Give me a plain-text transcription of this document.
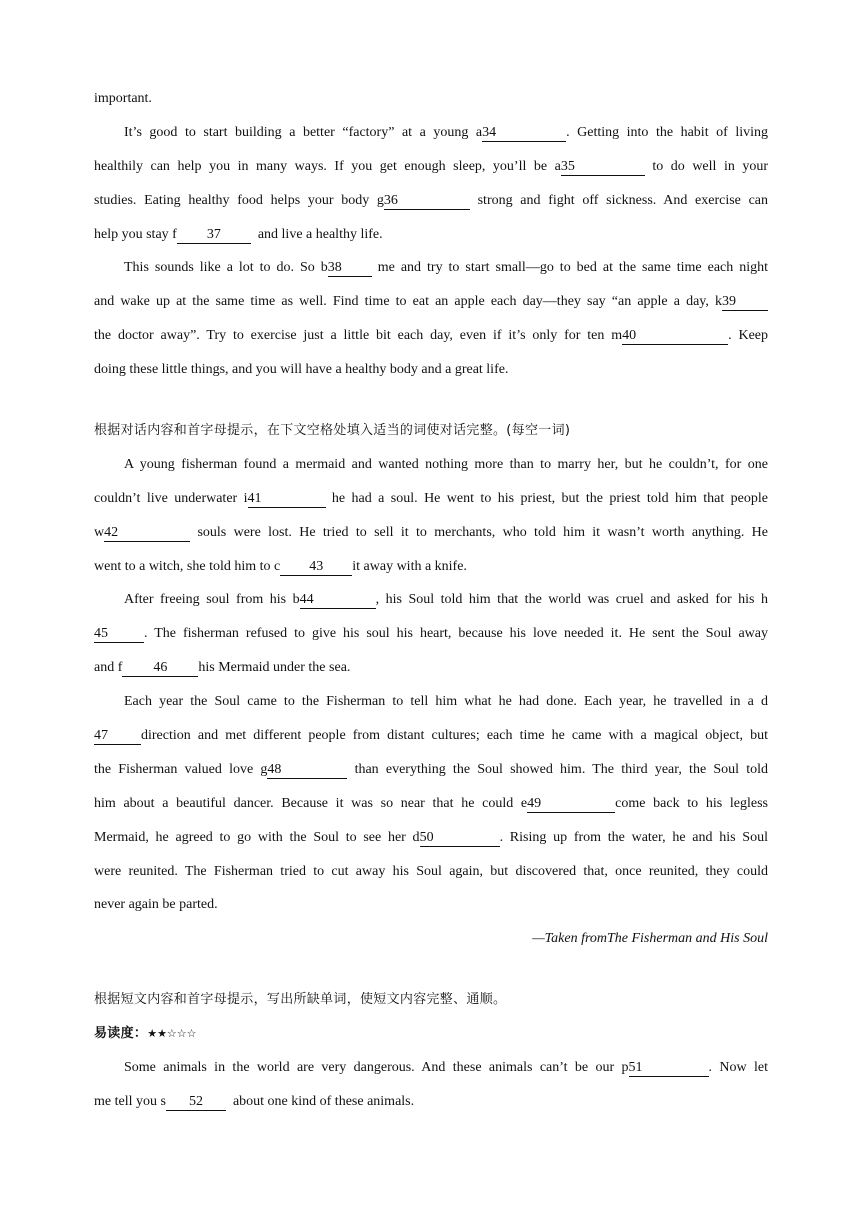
important.
It’s good to start building a better “factory” at a young a34	. Getting into the habit of living
healthily can help you in many ways. If you get enough sleep, you’ll be a35	to do well in your
studies. Eating healthy food helps your body g36	strong and fight off sickness. And exercise can
help you stay f 37	and live a healthy life.
This sounds like a lot to do. So b38	me and try to start small—go to bed at the same time each night
and wake up at the same time as well. Find time to eat an apple each day—they say “an apple a day, k39
the doctor away”. Try to exercise just a little bit each day, even if it’s only for ten m40	. Keep
doing these little things, and you will have a healthy body and a great life.
根据对话内容和首字母提示，在下文空格处填入适当的词使对话完整。(每空一词)
A young fisherman found a mermaid and wanted nothing more than to marry her, but he couldn’t, for one
couldn’t live underwater i41	he had a soul. He went to his priest, but the priest told him that people
w42	souls were lost. He tried to sell it to merchants, who told him it wasn’t worth anything. He
went to a witch, she told him to c 43 it away with a knife.
After freeing soul from his b44	, his Soul told him that the world was cruel and asked for his h
45	. The fisherman refused to give his soul his heart, because his love needed it. He sent the Soul away
and f 46 his Mermaid under the sea.
Each year the Soul came to the Fisherman to tell him what he had done. Each year, he travelled in a d
47 direction and met different people from distant cultures; each time he came with a magical object, but
the Fisherman valued love g48	than everything the Soul showed him. The third year, the Soul told
him about a beautiful dancer. Because it was so near that he could e49	come back to his legless
Mermaid, he agreed to go with the Soul to see her d50	. Rising up from the water, he and his Soul
were reunited. The Fisherman tried to cut away his Soul again, but discovered that, once reunited, they could
never again be parted.
—Taken fromThe Fisherman and His Soul
根据短文内容和首字母提示，写出所缺单词，使短文内容完整、通顺。
易读度：★★☆☆☆
Some animals in the world are very dangerous. And these animals can’t be our p51	. Now let
me tell you s 52 about one kind of these animals.
